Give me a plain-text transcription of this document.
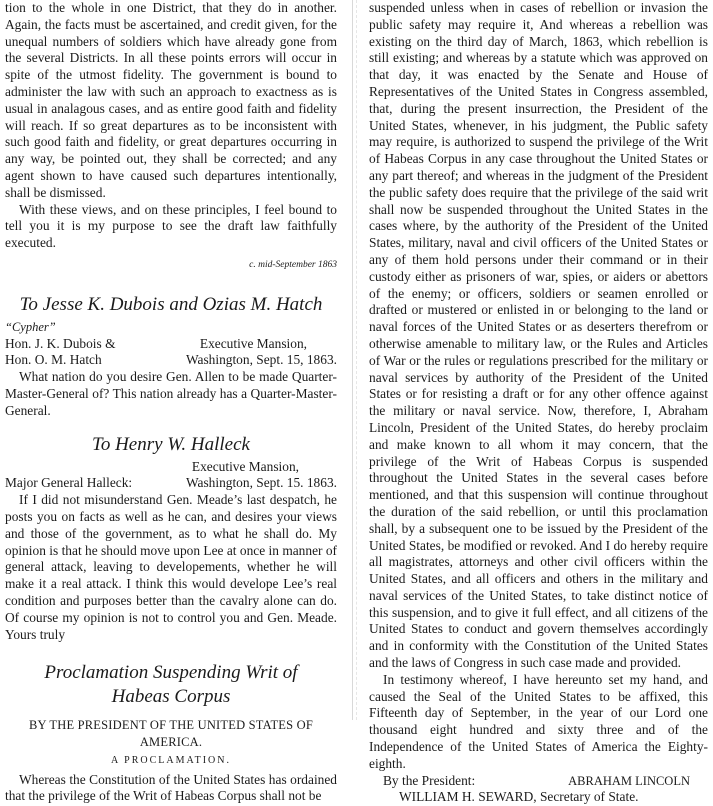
tion to the whole in one District, that they do in another. Again, the facts must be ascertained, and credit given, for the unequal numbers of soldiers which have already gone from the several Districts. In all these points errors will occur in spite of the utmost fidelity. The government is bound to administer the law with such an approach to exactness as is usual in analagous cases, and as entire good faith and fidelity will reach. If so great departures as to be inconsistent with such good faith and fidelity, or great departures occurring in any way, be pointed out, they shall be corrected; and any agent shown to have caused such departures intentionally, shall be dismissed.

With these views, and on these principles, I feel bound to tell you it is my purpose to see the draft law faithfully executed.

c. mid-September 1863
To Jesse K. Dubois and Ozias M. Hatch
“Cypher”
Hon. J. K. Dubois &	Executive Mansion,
Hon. O. M. Hatch	Washington, Sept. 15, 1863.

What nation do you desire Gen. Allen to be made Quarter-Master-General of? This nation already has a Quarter-Master-General.

To Henry W. Halleck
Executive Mansion,
Major General Halleck:	Washington, Sept. 15. 1863.

If I did not misunderstand Gen. Meade’s last despatch, he posts you on facts as well as he can, and desires your views and those of the government, as to what he shall do. My opinion is that he should move upon Lee at once in manner of general attack, leaving to developements, whether he will make it a real attack. I think this would develope Lee’s real condition and purposes better than the cavalry alone can do. Of course my opinion is not to control you and Gen. Meade. Yours truly

Proclamation Suspending Writ of
Habeas Corpus
BY THE PRESIDENT OF THE UNITED STATES OF AMERICA.
A PROCLAMATION.

Whereas the Constitution of the United States has ordained that the privilege of the Writ of Habeas Corpus shall not be

suspended unless when in cases of rebellion or invasion the public safety may require it, And whereas a rebellion was existing on the third day of March, 1863, which rebellion is still existing; and whereas by a statute which was approved on that day, it was enacted by the Senate and House of Representatives of the United States in Congress assembled, that, during the present insurrection, the President of the United States, whenever, in his judgment, the Public safety may require, is authorized to suspend the privilege of the Writ of Habeas Corpus in any case throughout the United States or any part thereof; and whereas in the judgment of the President the public safety does require that the privilege of the said writ shall now be suspended throughout the United States in the cases where, by the authority of the President of the United States, military, naval and civil officers of the United States or any of them hold persons under their command or in their custody either as prisoners of war, spies, or aiders or abettors of the enemy; or officers, soldiers or seamen enrolled or drafted or mustered or enlisted in or belonging to the land or naval forces of the United States or as deserters therefrom or otherwise amenable to military law, or the Rules and Articles of War or the rules or regulations prescribed for the military or naval services by authority of the President of the United States or for resisting a draft or for any other offence against the military or naval service. Now, therefore, I, Abraham Lincoln, President of the United States, do hereby proclaim and make known to all whom it may concern, that the privilege of the Writ of Habeas Corpus is suspended throughout the United States in the several cases before mentioned, and that this suspension will continue throughout the duration of the said rebellion, or until this proclamation shall, by a subsequent one to be issued by the President of the United States, be modified or revoked. And I do hereby require all magistrates, attorneys and other civil officers within the United States, and all officers and others in the military and naval services of the United States, to take distinct notice of this suspension, and to give it full effect, and all citizens of the United States to conduct and govern themselves accordingly and in conformity with the Constitution of the United States and the laws of Congress in such case made and provided.

In testimony whereof, I have hereunto set my hand, and caused the Seal of the United States to be affixed, this Fifteenth day of September, in the year of our Lord one thousand eight hundred and sixty three and of the Independence of the United States of America the Eighty-eighth.

By the President:	ABRAHAM LINCOLN
WILLIAM H. SEWARD, Secretary of State.
